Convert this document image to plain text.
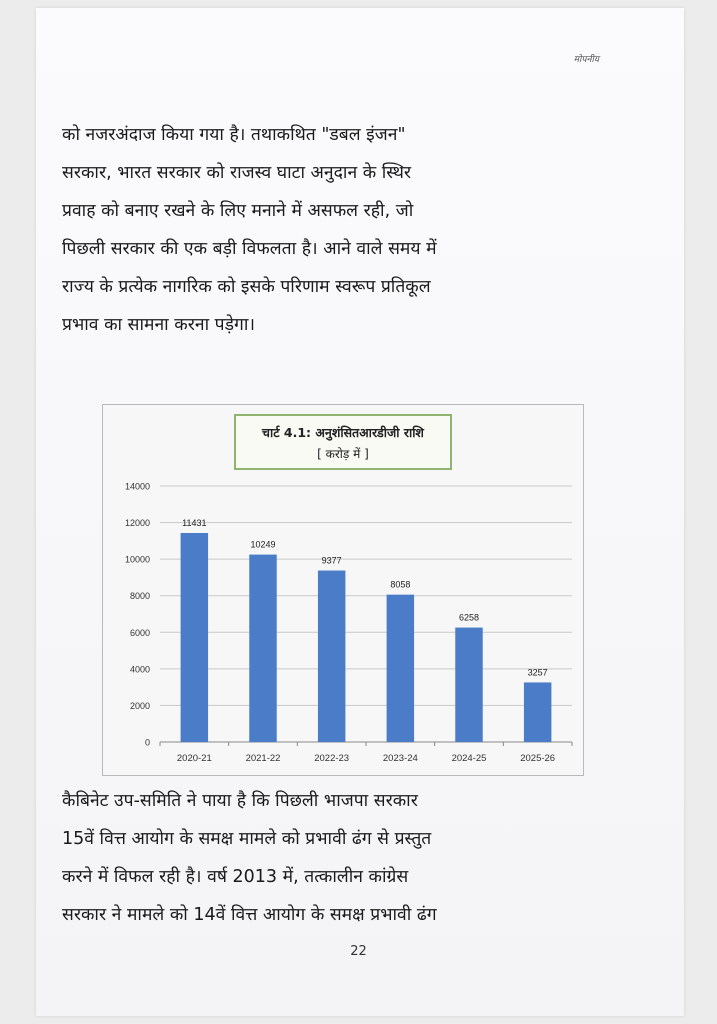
मोपनीय
को नजरअंदाज किया गया है। तथाकथित "डबल इंजन"
सरकार, भारत सरकार को राजस्व घाटा अनुदान के स्थिर
प्रवाह को बनाए रखने के लिए मनाने में असफल रही, जो
पिछली सरकार की एक बड़ी विफलता है। आने वाले समय में
राज्य के प्रत्येक नागरिक को इसके परिणाम स्वरूप प्रतिकूल
प्रभाव का सामना करना पड़ेगा।
0
2000
4000
6000
8000
10000
12000
14000
11431
2020-21
10249
2021-22
9377
2022-23
8058
2023-24
6258
2024-25
3257
2025-26
चार्ट 4.1: अनुशंसितआरडीजी राशि
[ करोड़ में ]
कैबिनेट उप-समिति ने पाया है कि पिछली भाजपा सरकार
15वें वित्त आयोग के समक्ष मामले को प्रभावी ढंग से प्रस्तुत
करने में विफल रही है। वर्ष 2013 में, तत्कालीन कांग्रेस
सरकार ने मामले को 14वें वित्त आयोग के समक्ष प्रभावी ढंग
22
